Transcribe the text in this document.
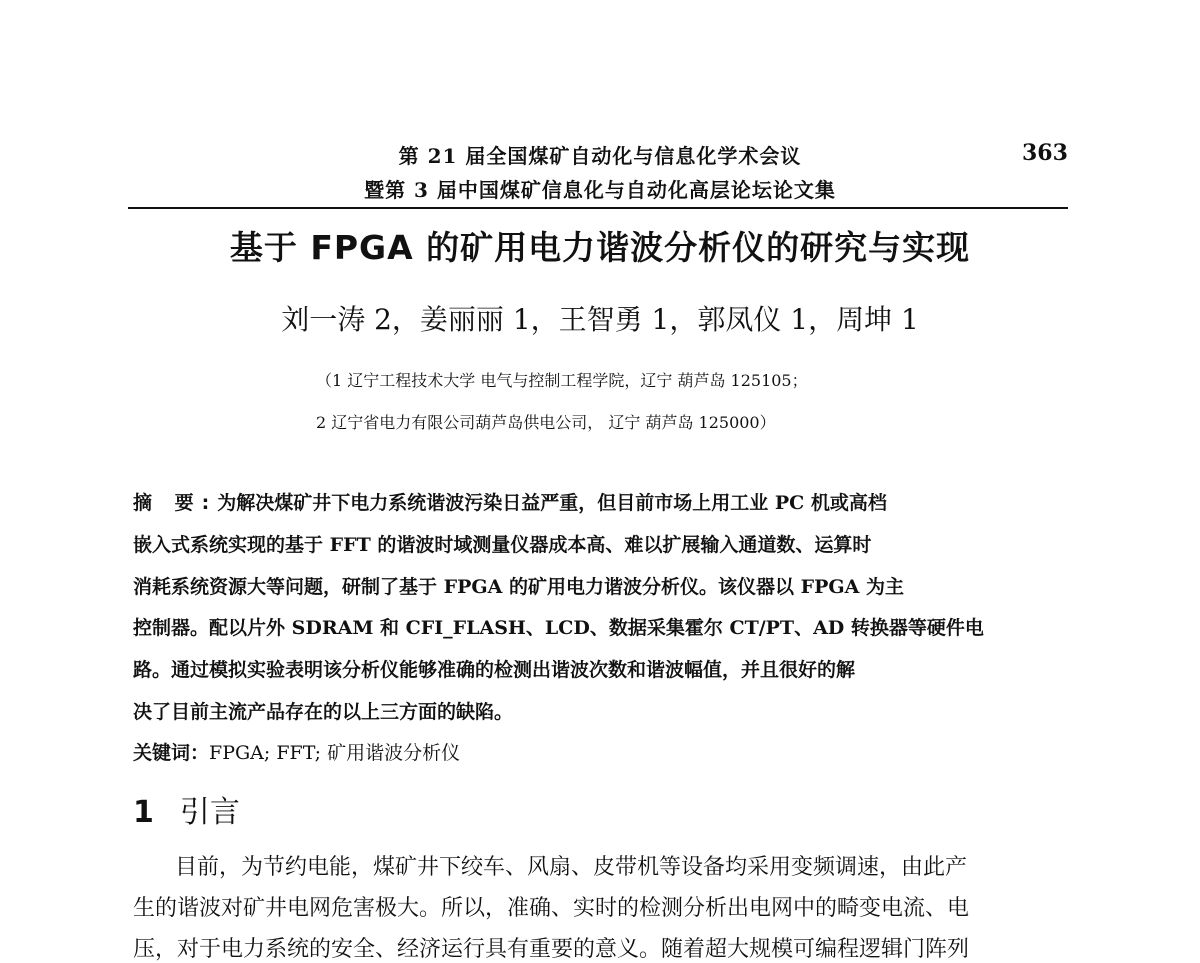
第 21 届全国煤矿自动化与信息化学术会议
暨第 3 届中国煤矿信息化与自动化高层论坛论文集
363
基于 FPGA 的矿用电力谐波分析仪的研究与实现
刘一涛 2，姜丽丽 1，王智勇 1，郭凤仪 1，周坤 1
（1 辽宁工程技术大学 电气与控制工程学院，辽宁 葫芦岛 125105；
2 辽宁省电力有限公司葫芦岛供电公司， 辽宁 葫芦岛 125000）
摘 要:为解决煤矿井下电力系统谐波污染日益严重，但目前市场上用工业 PC 机或高档
嵌入式系统实现的基于 FFT 的谐波时域测量仪器成本高、难以扩展输入通道数、运算时
消耗系统资源大等问题，研制了基于 FPGA 的矿用电力谐波分析仪。该仪器以 FPGA 为主
控制器。配以片外 SDRAM 和 CFI_FLASH、LCD、数据采集霍尔 CT/PT、AD 转换器等硬件电
路。通过模拟实验表明该分析仪能够准确的检测出谐波次数和谐波幅值，并且很好的解
决了目前主流产品存在的以上三方面的缺陷。
关键词：FPGA; FFT; 矿用谐波分析仪
1 引言
目前，为节约电能，煤矿井下绞车、风扇、皮带机等设备均采用变频调速，由此产
生的谐波对矿井电网危害极大。所以，准确、实时的检测分析出电网中的畸变电流、电
压，对于电力系统的安全、经济运行具有重要的意义。随着超大规模可编程逻辑门阵列
